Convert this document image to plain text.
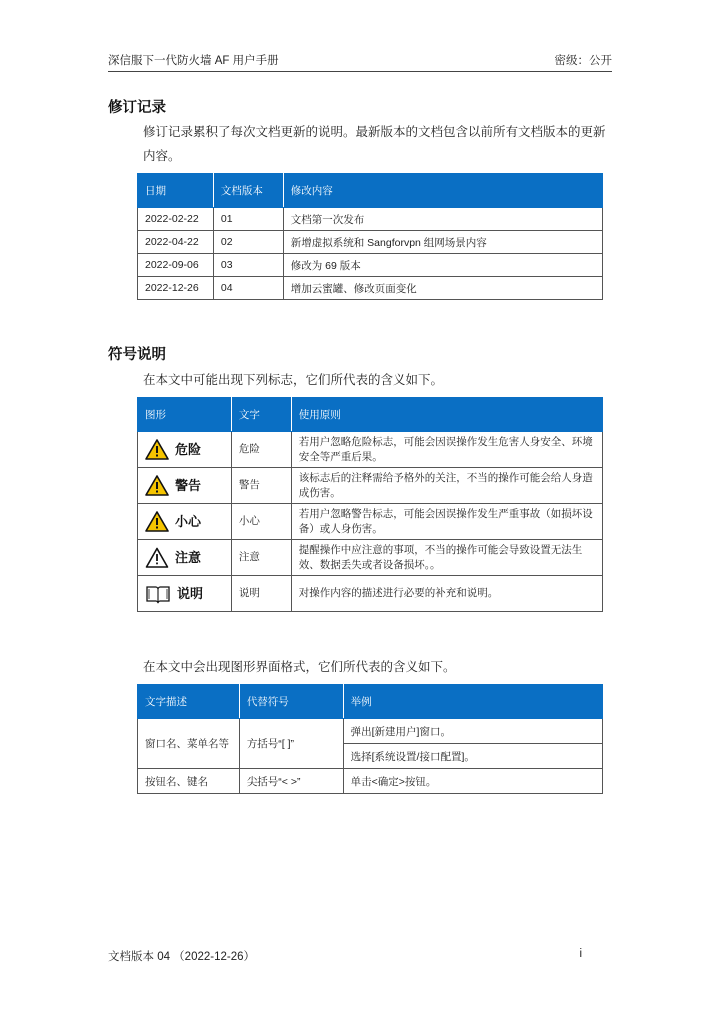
深信服下一代防火墙 AF 用户手册	密级：公开
修订记录
修订记录累积了每次文档更新的说明。最新版本的文档包含以前所有文档版本的更新内容。
日期	文档版本	修改内容
2022-02-22	01	文档第一次发布
2022-04-22	02	新增虚拟系统和 Sangforvpn 组网场景内容
2022-09-06	03	修改为 69 版本
2022-12-26	04	增加云蜜罐、修改页面变化
符号说明
在本文中可能出现下列标志，它们所代表的含义如下。
图形	文字	使用原则

危险	危险	若用户忽略危险标志，可能会因误操作发生危害人身安全、环境安全等严重后果。

警告	警告	该标志后的注释需给予格外的关注，不当的操作可能会给人身造成伤害。

小心	小心	若用户忽略警告标志，可能会因误操作发生严重事故（如损坏设备）或人身伤害。

注意	注意	提醒操作中应注意的事项，不当的操作可能会导致设置无法生效、数据丢失或者设备损坏。。

说明	说明	对操作内容的描述进行必要的补充和说明。
在本文中会出现图形界面格式，它们所代表的含义如下。
文字描述	代替符号	举例
窗口名、菜单名等	方括号“[ ]”	弹出[新建用户]窗口。
		选择[系统设置/接口配置]。
按钮名、键名	尖括号“< >”	单击<确定>按钮。
文档版本 04 （2022-12-26）	i
